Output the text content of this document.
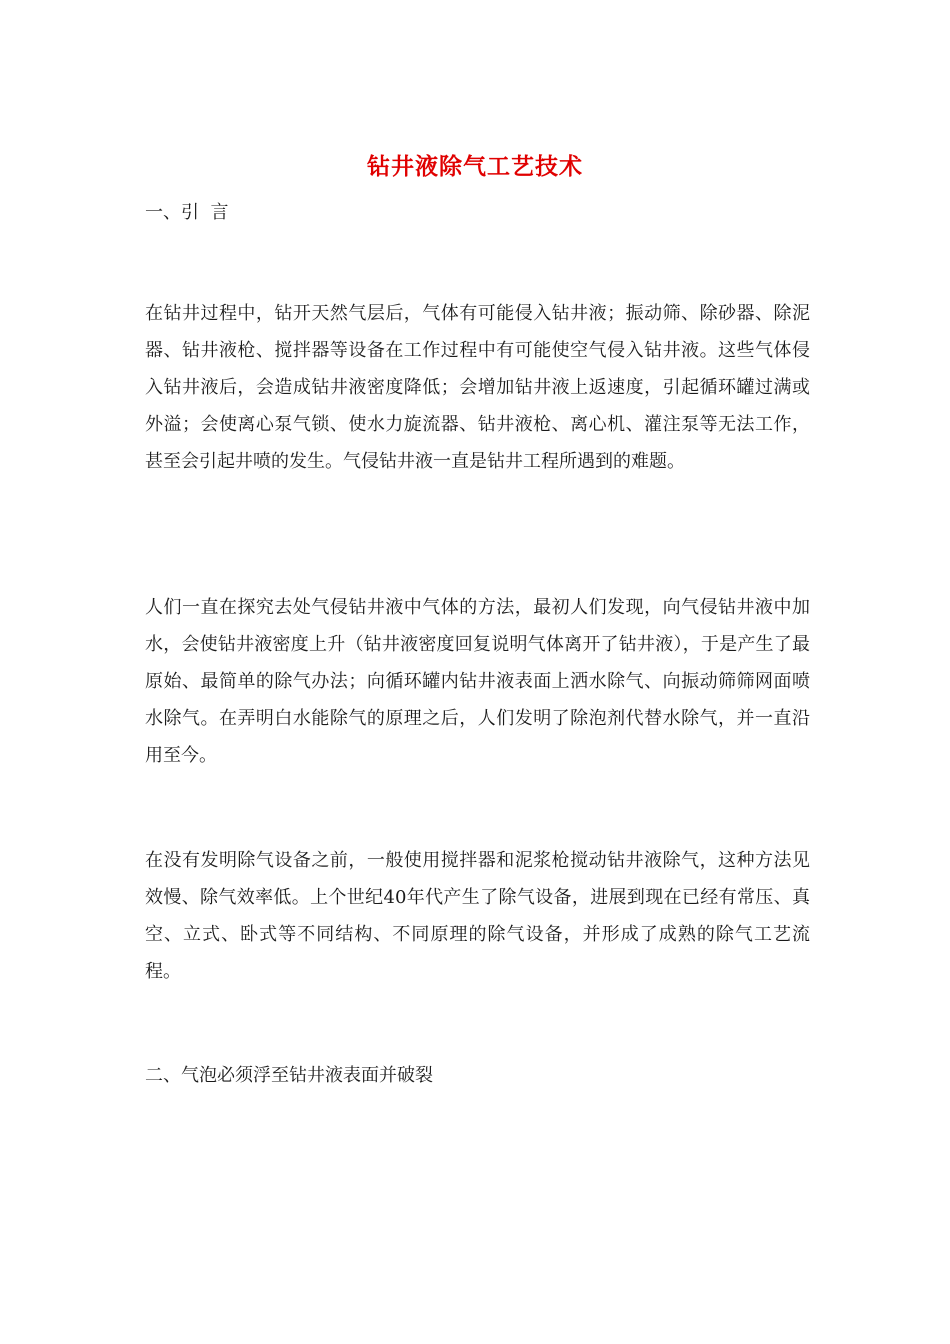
钻井液除气工艺技术

一、引  言

在钻井过程中，钻开天然气层后，气体有可能侵入钻井液；振动筛、除砂器、除泥器、钻井液枪、搅拌器等设备在工作过程中有可能使空气侵入钻井液。这些气体侵入钻井液后，会造成钻井液密度降低；会增加钻井液上返速度，引起循环罐过满或外溢；会使离心泵气锁、使水力旋流器、钻井液枪、离心机、灌注泵等无法工作，甚至会引起井喷的发生。气侵钻井液一直是钻井工程所遇到的难题。

人们一直在探究去处气侵钻井液中气体的方法，最初人们发现，向气侵钻井液中加水，会使钻井液密度上升（钻井液密度回复说明气体离开了钻井液），于是产生了最原始、最简单的除气办法；向循环罐内钻井液表面上洒水除气、向振动筛筛网面喷水除气。在弄明白水能除气的原理之后，人们发明了除泡剂代替水除气，并一直沿用至今。

在没有发明除气设备之前，一般使用搅拌器和泥浆枪搅动钻井液除气，这种方法见效慢、除气效率低。上个世纪40年代产生了除气设备，进展到现在已经有常压、真空、立式、卧式等不同结构、不同原理的除气设备，并形成了成熟的除气工艺流程。

二、气泡必须浮至钻井液表面并破裂
